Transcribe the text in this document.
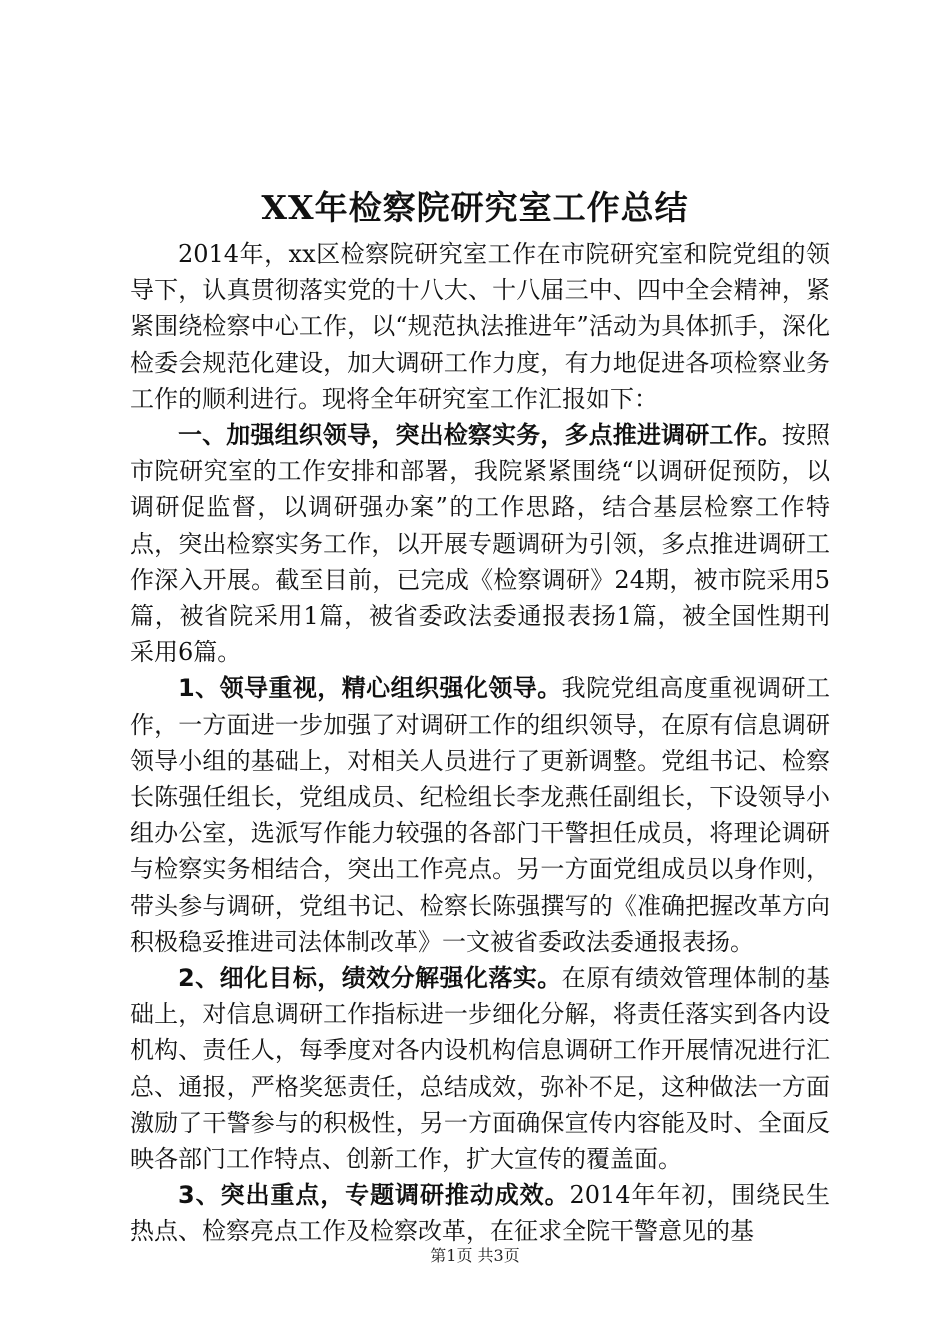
XX年检察院研究室工作总结

2014年，xx区检察院研究室工作在市院研究室和院党组的领导下，认真贯彻落实党的十八大、十八届三中、四中全会精神，紧紧围绕检察中心工作，以“规范执法推进年”活动为具体抓手，深化检委会规范化建设，加大调研工作力度，有力地促进各项检察业务工作的顺利进行。现将全年研究室工作汇报如下：

一、加强组织领导，突出检察实务，多点推进调研工作。按照市院研究室的工作安排和部署，我院紧紧围绕“以调研促预防，以调研促监督，以调研强办案”的工作思路，结合基层检察工作特点，突出检察实务工作，以开展专题调研为引领，多点推进调研工作深入开展。截至目前，已完成《检察调研》24期，被市院采用5篇，被省院采用1篇，被省委政法委通报表扬1篇，被全国性期刊采用6篇。

1、领导重视，精心组织强化领导。我院党组高度重视调研工作，一方面进一步加强了对调研工作的组织领导，在原有信息调研领导小组的基础上，对相关人员进行了更新调整。党组书记、检察长陈强任组长，党组成员、纪检组长李龙燕任副组长，下设领导小组办公室，选派写作能力较强的各部门干警担任成员，将理论调研与检察实务相结合，突出工作亮点。另一方面党组成员以身作则，带头参与调研，党组书记、检察长陈强撰写的《准确把握改革方向积极稳妥推进司法体制改革》一文被省委政法委通报表扬。

2、细化目标，绩效分解强化落实。在原有绩效管理体制的基础上，对信息调研工作指标进一步细化分解，将责任落实到各内设机构、责任人，每季度对各内设机构信息调研工作开展情况进行汇总、通报，严格奖惩责任，总结成效，弥补不足，这种做法一方面激励了干警参与的积极性，另一方面确保宣传内容能及时、全面反映各部门工作特点、创新工作，扩大宣传的覆盖面。

3、突出重点，专题调研推动成效。2014年年初，围绕民生热点、检察亮点工作及检察改革，在征求全院干警意见的基

第1页 共3页
